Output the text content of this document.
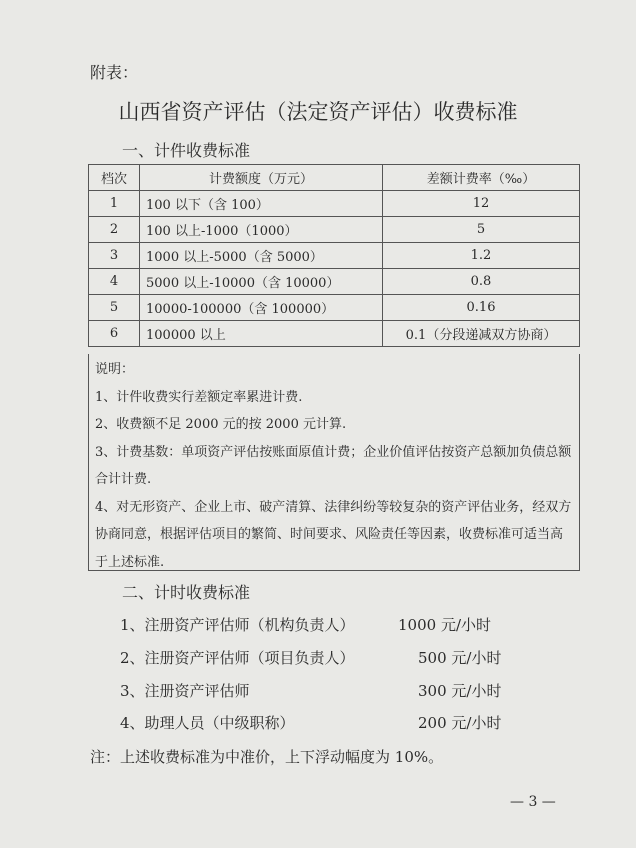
附表：
山西省资产评估（法定资产评估）收费标准
一、计件收费标准
档次	计费额度（万元）	差额计费率（‰）
1	100 以下（含 100）	12
2	100 以上-1000（1000）	5
3	1000 以上-5000（含 5000）	1.2
4	5000 以上-10000（含 10000）	0.8
5	10000-100000（含 100000）	0.16
6	100000 以上	0.1（分段递减双方协商）
说明：
1、计件收费实行差额定率累进计费.
2、收费额不足 2000 元的按 2000 元计算.
3、计费基数：单项资产评估按账面原值计费；企业价值评估按资产总额加负债总额合计计费.
4、对无形资产、企业上市、破产清算、法律纠纷等较复杂的资产评估业务，经双方协商同意，根据评估项目的繁简、时间要求、风险责任等因素，收费标准可适当高于上述标准.
二、计时收费标准
1、注册资产评估师（机构负责人）	1000 元/小时
2、注册资产评估师（项目负责人）	500 元/小时
3、注册资产评估师	300 元/小时
4、助理人员（中级职称）	200 元/小时
注：上述收费标准为中准价，上下浮动幅度为 10%。
— 3 —
